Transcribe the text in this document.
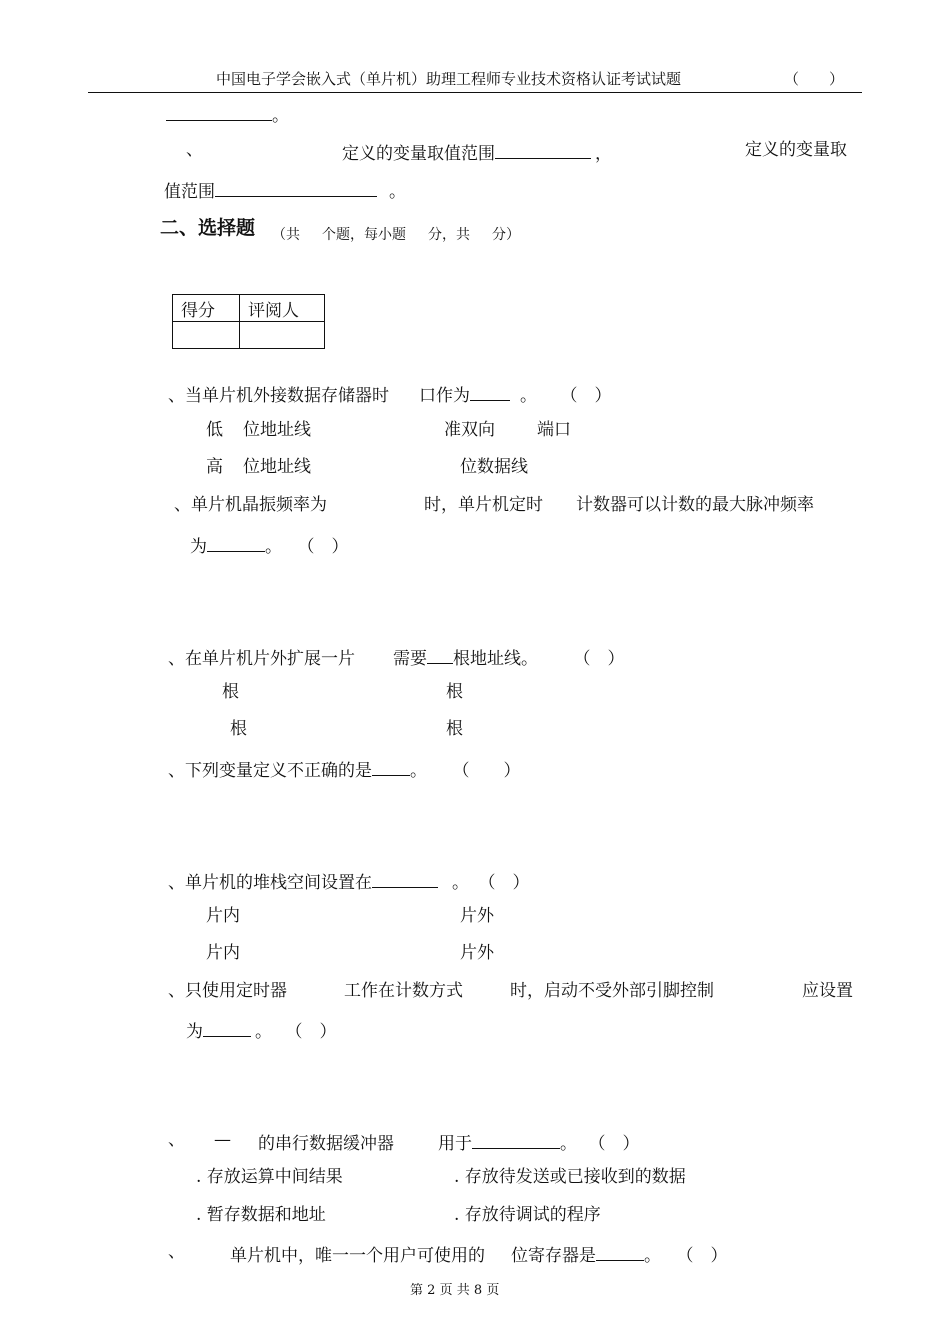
中国电子学会嵌入式（单片机）助理工程师专业技术资格认证考试试题	（　　）
。
、	定义的变量取值范围	，	定义的变量取
值范围	。
二、选择题 （共 个题，每小题 分，共 分）
得分	评阅人

、当单片机外接数据存储器时 口作为	。 （　）
低 位地址线	准双向 端口
高 位地址线	位数据线
、单片机晶振频率为	时，单片机定时 计数器可以计数的最大脉冲频率
为	。 （　）
、在单片机片外扩展一片 需要 根地址线。	（　）
根	根
根	根
、下列变量定义不正确的是 。 （　　）
、单片机的堆栈空间设置在	。 （　）
片内	片外
片内	片外
、只使用定时器	工作在计数方式	时，启动不受外部引脚控制	应设置
为	。 （　）
、 — 的串行数据缓冲器	用于	。 （　）
. 存放运算中间结果	. 存放待发送或已接收到的数据
. 暂存数据和地址	. 存放待调试的程序
、	单片机中，唯一一个用户可使用的 位寄存器是	。 （　）
第 2 页 共 8 页
